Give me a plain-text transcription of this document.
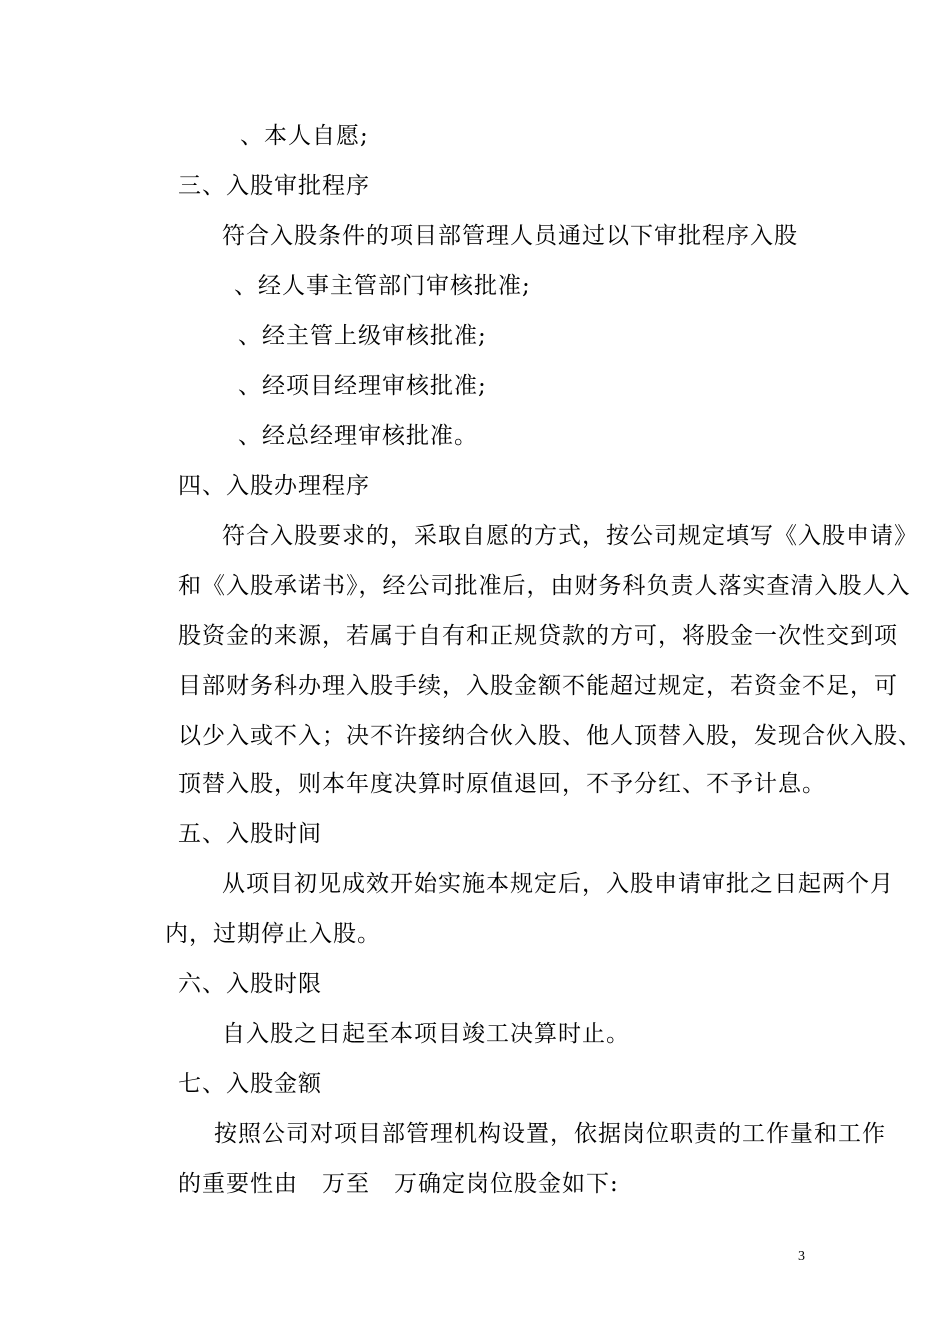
、本人自愿;
三、入股审批程序
符合入股条件的项目部管理人员通过以下审批程序入股
、经人事主管部门审核批准;
、经主管上级审核批准;
、经项目经理审核批准;
、经总经理审核批准。
四、入股办理程序
符合入股要求的，采取自愿的方式，按公司规定填写《入股申请》
和《入股承诺书》，经公司批准后，由财务科负责人落实查清入股人入
股资金的来源，若属于自有和正规贷款的方可，将股金一次性交到项
目部财务科办理入股手续，入股金额不能超过规定，若资金不足，可
以少入或不入；决不许接纳合伙入股、他人顶替入股，发现合伙入股、
顶替入股，则本年度决算时原值退回，不予分红、不予计息。
五、入股时间
从项目初见成效开始实施本规定后，入股申请审批之日起两个月
内，过期停止入股。
六、入股时限
自入股之日起至本项目竣工决算时止。
七、入股金额
按照公司对项目部管理机构设置，依据岗位职责的工作量和工作
的重要性由　万至　万确定岗位股金如下:
3
